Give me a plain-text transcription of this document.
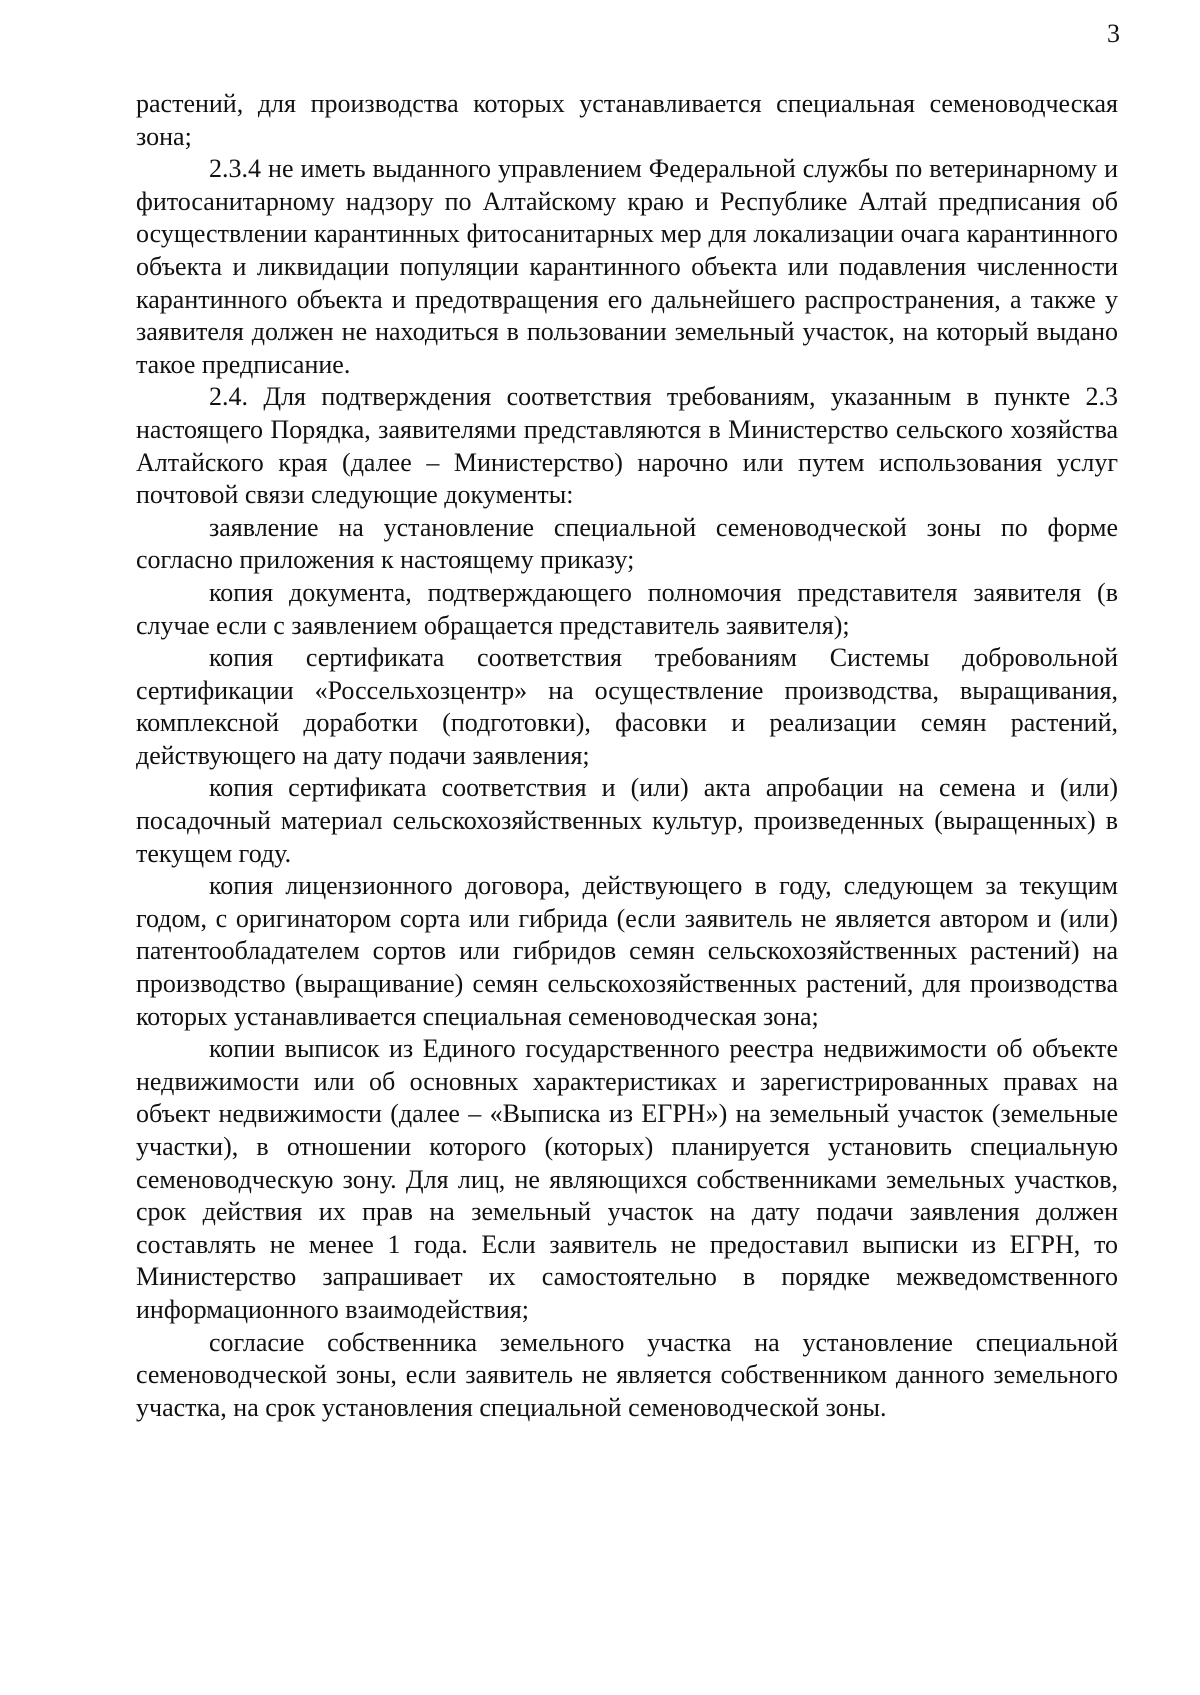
3

растений, для производства которых устанавливается специальная семеноводческая зона;

2.3.4 не иметь выданного управлением Федеральной службы по ветеринарному и фитосанитарному надзору по Алтайскому краю и Республике Алтай предписания об осуществлении карантинных фитосанитарных мер для локализации очага карантинного объекта и ликвидации популяции карантинного объекта или подавления численности карантинного объекта и предотвращения его дальнейшего распространения, а также у заявителя должен не находиться в пользовании земельный участок, на который выдано такое предписание.

2.4. Для подтверждения соответствия требованиям, указанным в пункте 2.3 настоящего Порядка, заявителями представляются в Министерство сельского хозяйства Алтайского края (далее – Министерство) нарочно или путем использования услуг почтовой связи следующие документы:

заявление на установление специальной семеноводческой зоны по форме согласно приложения к настоящему приказу;

копия документа, подтверждающего полномочия представителя заявителя (в случае если с заявлением обращается представитель заявителя);

копия сертификата соответствия требованиям Системы добровольной сертификации «Россельхозцентр» на осуществление производства, выращивания, комплексной доработки (подготовки), фасовки и реализации семян растений, действующего на дату подачи заявления;

копия сертификата соответствия и (или) акта апробации на семена и (или) посадочный материал сельскохозяйственных культур, произведенных (выращенных) в текущем году.

копия лицензионного договора, действующего в году, следующем за текущим годом, с оригинатором сорта или гибрида (если заявитель не является автором и (или) патентообладателем сортов или гибридов семян сельскохозяйственных растений) на производство (выращивание) семян сельскохозяйственных растений, для производства которых устанавливается специальная семеноводческая зона;

копии выписок из Единого государственного реестра недвижимости об объекте недвижимости или об основных характеристиках и зарегистрированных правах на объект недвижимости (далее – «Выписка из ЕГРН») на земельный участок (земельные участки), в отношении которого (которых) планируется установить специальную семеноводческую зону. Для лиц, не являющихся собственниками земельных участков, срок действия их прав на земельный участок на дату подачи заявления должен составлять не менее 1 года. Если заявитель не предоставил выписки из ЕГРН, то Министерство запрашивает их самостоятельно в порядке межведомственного информационного взаимодействия;

согласие собственника земельного участка на установление специальной семеноводческой зоны, если заявитель не является собственником данного земельного участка, на срок установления специальной семеноводческой зоны.
